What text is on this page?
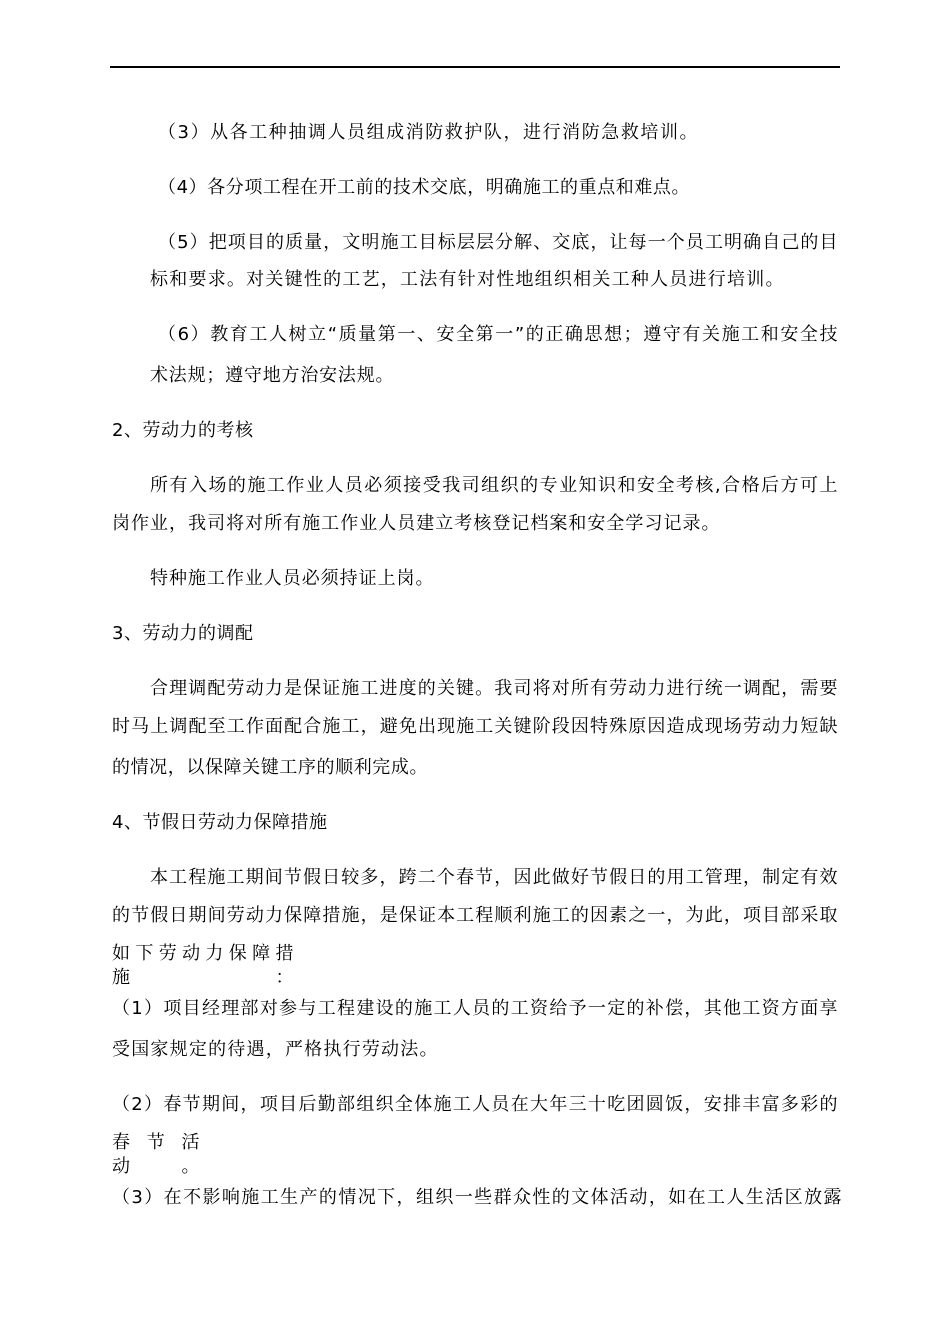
（3）从各工种抽调人员组成消防救护队，进行消防急救培训。

（4）各分项工程在开工前的技术交底，明确施工的重点和难点。

（5）把项目的质量，文明施工目标层层分解、交底，让每一个员工明确自己的目

标和要求。对关键性的工艺，工法有针对性地组织相关工种人员进行培训。

（6）教育工人树立“质量第一、安全第一”的正确思想；遵守有关施工和安全技

术法规；遵守地方治安法规。

2、劳动力的考核

所有入场的施工作业人员必须接受我司组织的专业知识和安全考核,合格后方可上

岗作业，我司将对所有施工作业人员建立考核登记档案和安全学习记录。

特种施工作业人员必须持证上岗。

3、劳动力的调配

合理调配劳动力是保证施工进度的关键。我司将对所有劳动力进行统一调配，需要

时马上调配至工作面配合施工，避免出现施工关键阶段因特殊原因造成现场劳动力短缺

的情况，以保障关键工序的顺利完成。

4、节假日劳动力保障措施

本工程施工期间节假日较多，跨二个春节，因此做好节假日的用工管理，制定有效

的节假日期间劳动力保障措施，是保证本工程顺利施工的因素之一，为此，项目部采取

如下劳动力保障措施：

（1）项目经理部对参与工程建设的施工人员的工资给予一定的补偿，其他工资方面享

受国家规定的待遇，严格执行劳动法。

（2）春节期间，项目后勤部组织全体施工人员在大年三十吃团圆饭，安排丰富多彩的

春节活动。

（3）在不影响施工生产的情况下，组织一些群众性的文体活动，如在工人生活区放露
